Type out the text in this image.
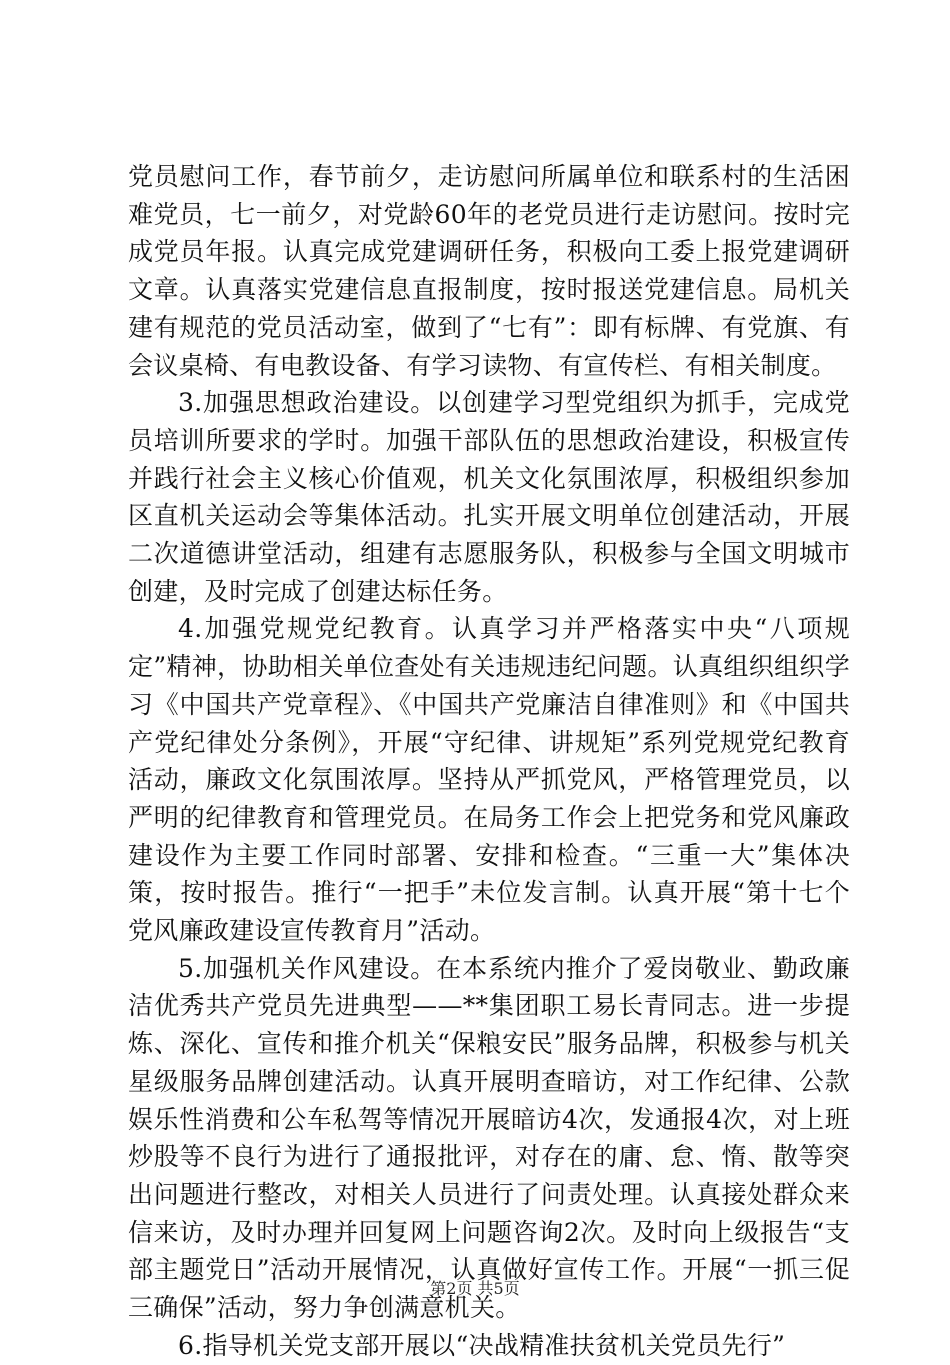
党员慰问工作，春节前夕，走访慰问所属单位和联系村的生活困难党员，七一前夕，对党龄60年的老党员进行走访慰问。按时完成党员年报。认真完成党建调研任务，积极向工委上报党建调研文章。认真落实党建信息直报制度，按时报送党建信息。局机关建有规范的党员活动室，做到了“七有”：即有标牌、有党旗、有会议桌椅、有电教设备、有学习读物、有宣传栏、有相关制度。

3.加强思想政治建设。以创建学习型党组织为抓手，完成党员培训所要求的学时。加强干部队伍的思想政治建设，积极宣传并践行社会主义核心价值观，机关文化氛围浓厚，积极组织参加区直机关运动会等集体活动。扎实开展文明单位创建活动，开展二次道德讲堂活动，组建有志愿服务队，积极参与全国文明城市创建，及时完成了创建达标任务。

4.加强党规党纪教育。认真学习并严格落实中央“八项规定”精神，协助相关单位查处有关违规违纪问题。认真组织组织学习《中国共产党章程》、《中国共产党廉洁自律准则》和《中国共产党纪律处分条例》，开展“守纪律、讲规矩”系列党规党纪教育活动，廉政文化氛围浓厚。坚持从严抓党风，严格管理党员，以严明的纪律教育和管理党员。在局务工作会上把党务和党风廉政建设作为主要工作同时部署、安排和检查。“三重一大”集体决策，按时报告。推行“一把手”未位发言制。认真开展“第十七个党风廉政建设宣传教育月”活动。

5.加强机关作风建设。在本系统内推介了爱岗敬业、勤政廉洁优秀共产党员先进典型——**集团职工易长青同志。进一步提炼、深化、宣传和推介机关“保粮安民”服务品牌，积极参与机关星级服务品牌创建活动。认真开展明查暗访，对工作纪律、公款娱乐性消费和公车私驾等情况开展暗访4次，发通报4次，对上班炒股等不良行为进行了通报批评，对存在的庸、怠、惰、散等突出问题进行整改，对相关人员进行了问责处理。认真接处群众来信来访，及时办理并回复网上问题咨询2次。及时向上级报告“支部主题党日”活动开展情况，认真做好宣传工作。开展“一抓三促三确保”活动，努力争创满意机关。

6.指导机关党支部开展以“决战精准扶贫机关党员先行”

第2页 共5页
